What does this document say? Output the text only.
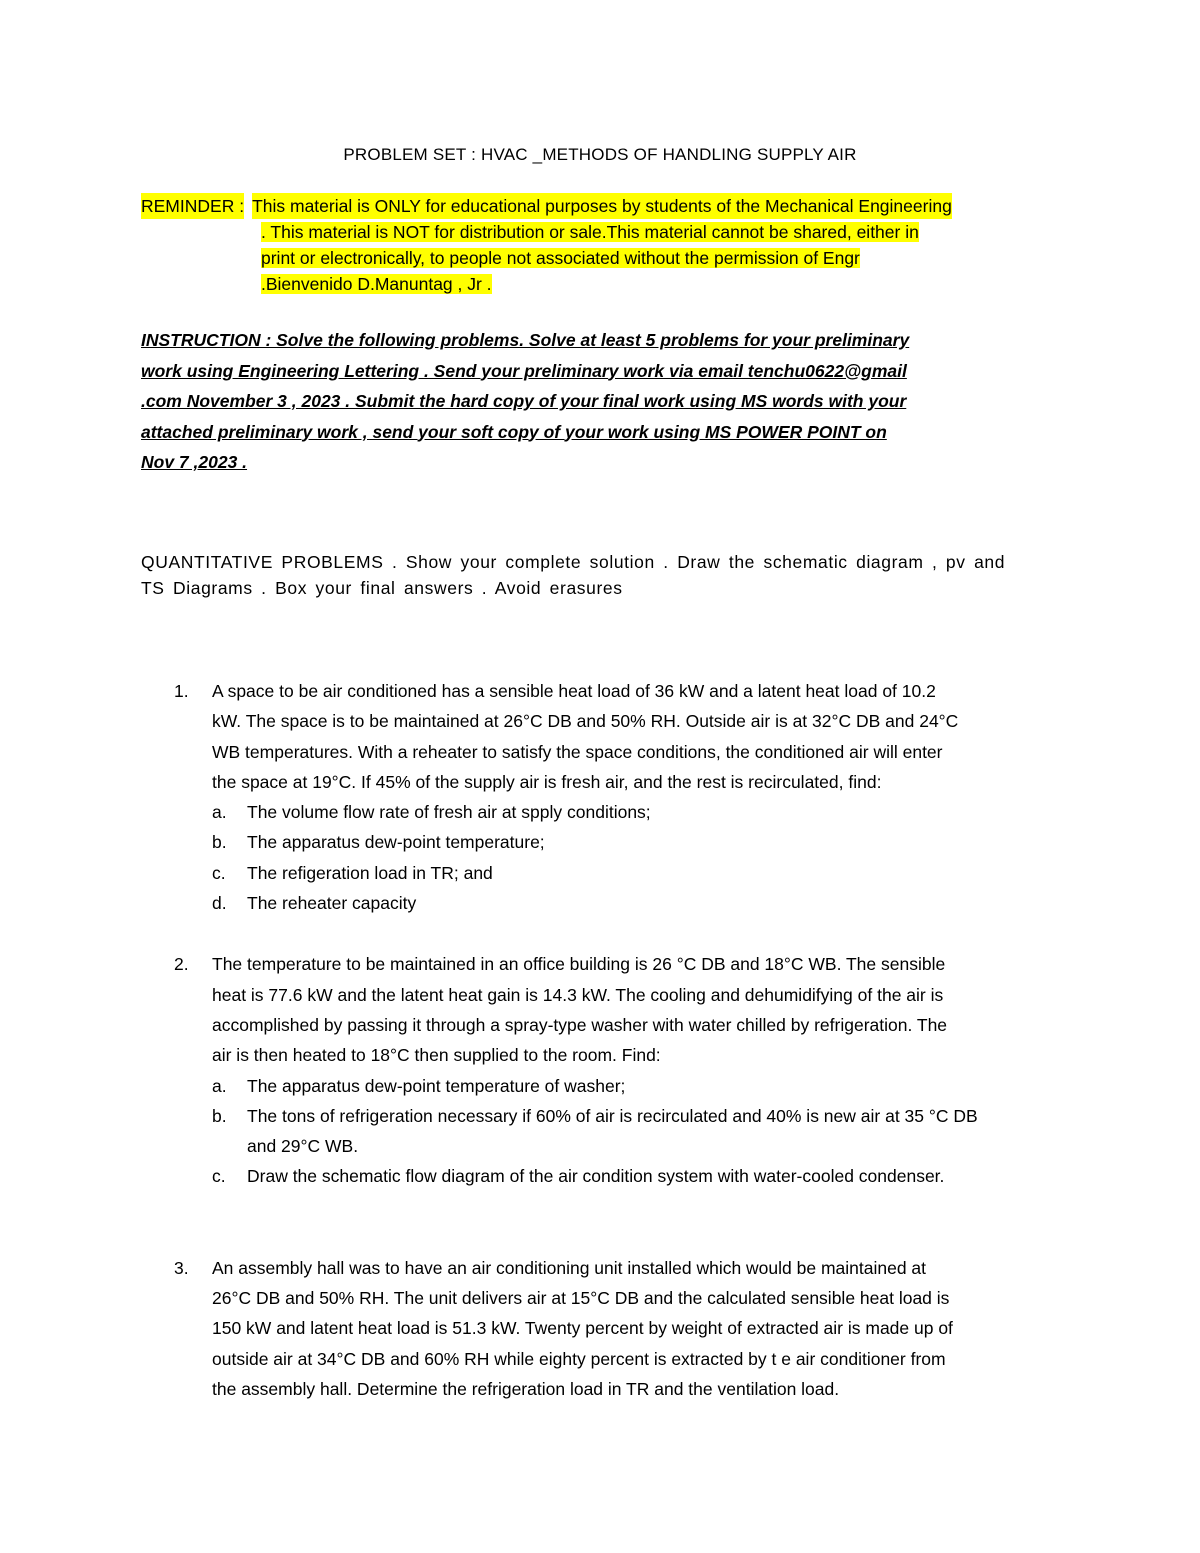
PROBLEM SET : HVAC _METHODS OF HANDLING SUPPLY AIR
REMINDER : This material is ONLY for educational purposes by students of the Mechanical Engineering
. This material is NOT for distribution or sale.This material cannot be shared, either in
print or electronically, to people not associated without the permission of Engr
.Bienvenido D.Manuntag , Jr .
INSTRUCTION : Solve the following problems. Solve at least 5 problems for your preliminary
work using Engineering Lettering . Send your preliminary work via email tenchu0622@gmail
.com November 3 , 2023 . Submit the hard copy of your final work using MS words with your
attached preliminary work , send your soft copy of your work using MS POWER POINT on
Nov 7 ,2023 .
QUANTITATIVE PROBLEMS . Show your complete solution . Draw the schematic diagram , pv and
TS Diagrams . Box your final answers . Avoid erasures
1. A space to be air conditioned has a sensible heat load of 36 kW and a latent heat load of 10.2
kW. The space is to be maintained at 26°C DB and 50% RH. Outside air is at 32°C DB and 24°C
WB temperatures. With a reheater to satisfy the space conditions, the conditioned air will enter
the space at 19°C. If 45% of the supply air is fresh air, and the rest is recirculated, find:
a. The volume flow rate of fresh air at spply conditions;
b. The apparatus dew-point temperature;
c. The refigeration load in TR; and
d. The reheater capacity
2. The temperature to be maintained in an office building is 26 °C DB and 18°C WB. The sensible
heat is 77.6 kW and the latent heat gain is 14.3 kW. The cooling and dehumidifying of the air is
accomplished by passing it through a spray-type washer with water chilled by refrigeration. The
air is then heated to 18°C then supplied to the room. Find:
a. The apparatus dew-point temperature of washer;
b. The tons of refrigeration necessary if 60% of air is recirculated and 40% is new air at 35 °C DB
and 29°C WB.
c. Draw the schematic flow diagram of the air condition system with water-cooled condenser.
3. An assembly hall was to have an air conditioning unit installed which would be maintained at
26°C DB and 50% RH. The unit delivers air at 15°C DB and the calculated sensible heat load is
150 kW and latent heat load is 51.3 kW. Twenty percent by weight of extracted air is made up of
outside air at 34°C DB and 60% RH while eighty percent is extracted by t e air conditioner from
the assembly hall. Determine the refrigeration load in TR and the ventilation load.
